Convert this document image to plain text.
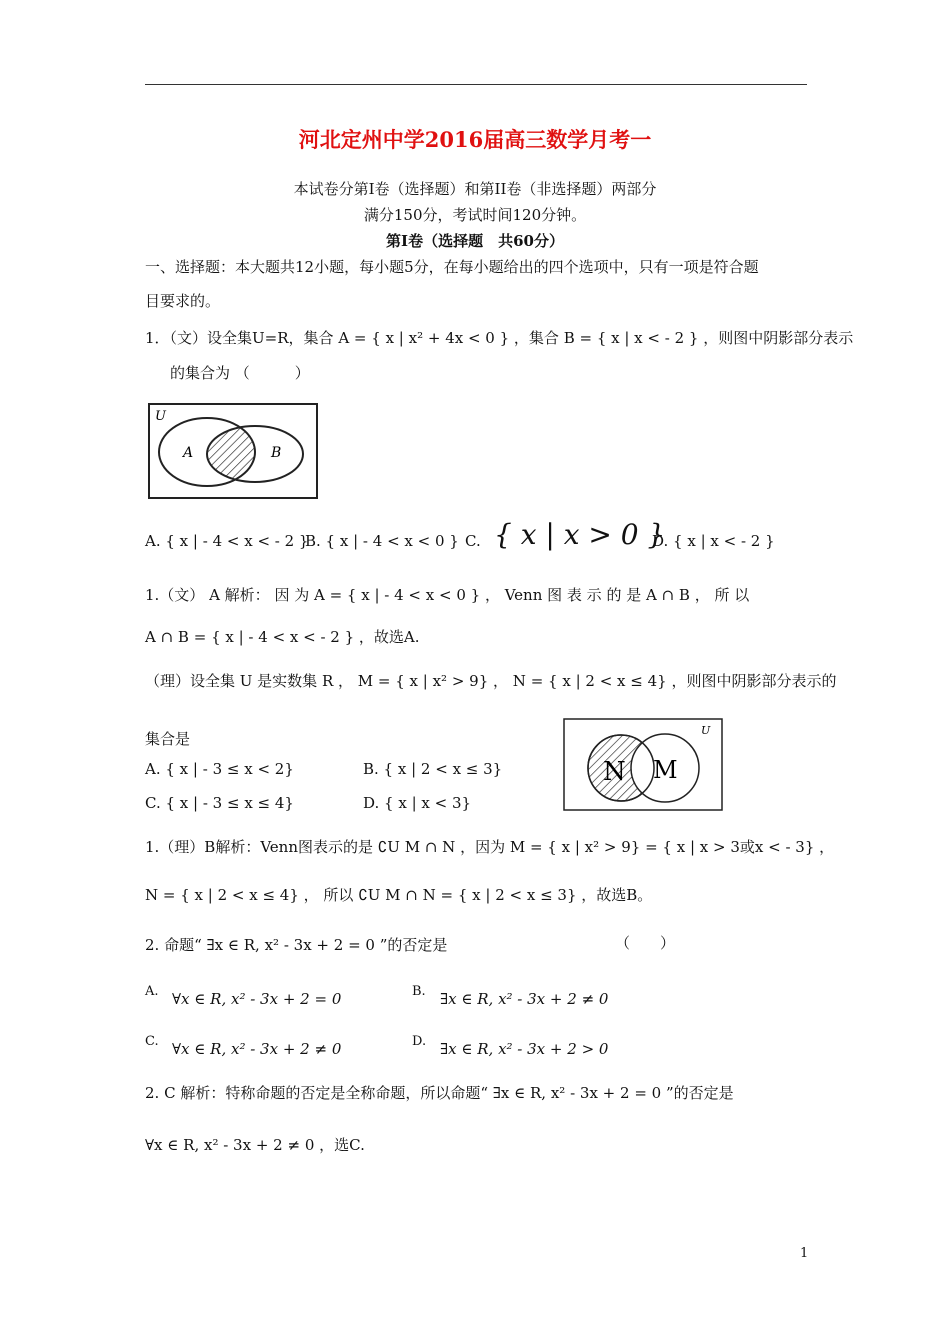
河北定州中学2016届高三数学月考一
本试卷分第Ⅰ卷（选择题）和第II卷（非选择题）两部分
满分150分，考试时间120分钟。
第Ⅰ卷（选择题　共60分）
一、选择题：本大题共12小题，每小题5分，在每小题给出的四个选项中，只有一项是符合题
目要求的。
1．（文）设全集U=R，集合 A = { x | x² + 4x < 0 } ，集合 B = { x | x < - 2 } ，则图中阴影部分表示
的集合为 （　　　）
U
A	B
A. { x | - 4 < x < - 2 }
B. { x | - 4 < x < 0 } C. { x | x > 0 }
D. { x | x < - 2 }
1.（文） A 解析： 因 为 A = { x | - 4 < x < 0 } ， Venn 图 表 示 的 是 A ∩ B ， 所 以
A ∩ B = { x | - 4 < x < - 2 } ，故选A.
（理）设全集 U 是实数集 R ， M = { x | x² > 9} ， N = { x | 2 < x ≤ 4} ，则图中阴影部分表示的
集合是	U
N M
A. { x | - 3 ≤ x < 2}	B. { x | 2 < x ≤ 3}
C. { x | - 3 ≤ x ≤ 4}	D. { x | x < 3}
1.（理）B解析：Venn图表示的是 ∁U M ∩ N ，因为 M = { x | x² > 9} = { x | x > 3或x < - 3} ，
N = { x | 2 < x ≤ 4} ， 所以 ∁U M ∩ N = { x | 2 < x ≤ 3} ，故选B。
2. 命题“ ∃x ∈ R, x² - 3x + 2 = 0 ”的否定是	（　　）
A. ∀x ∈ R, x² - 3x + 2 = 0	B. ∃x ∈ R, x² - 3x + 2 ≠ 0
C. ∀x ∈ R, x² - 3x + 2 ≠ 0	D. ∃x ∈ R, x² - 3x + 2 > 0
2. C 解析：特称命题的否定是全称命题，所以命题“ ∃x ∈ R, x² - 3x + 2 = 0 ”的否定是
∀x ∈ R, x² - 3x + 2 ≠ 0 ，选C.
1
